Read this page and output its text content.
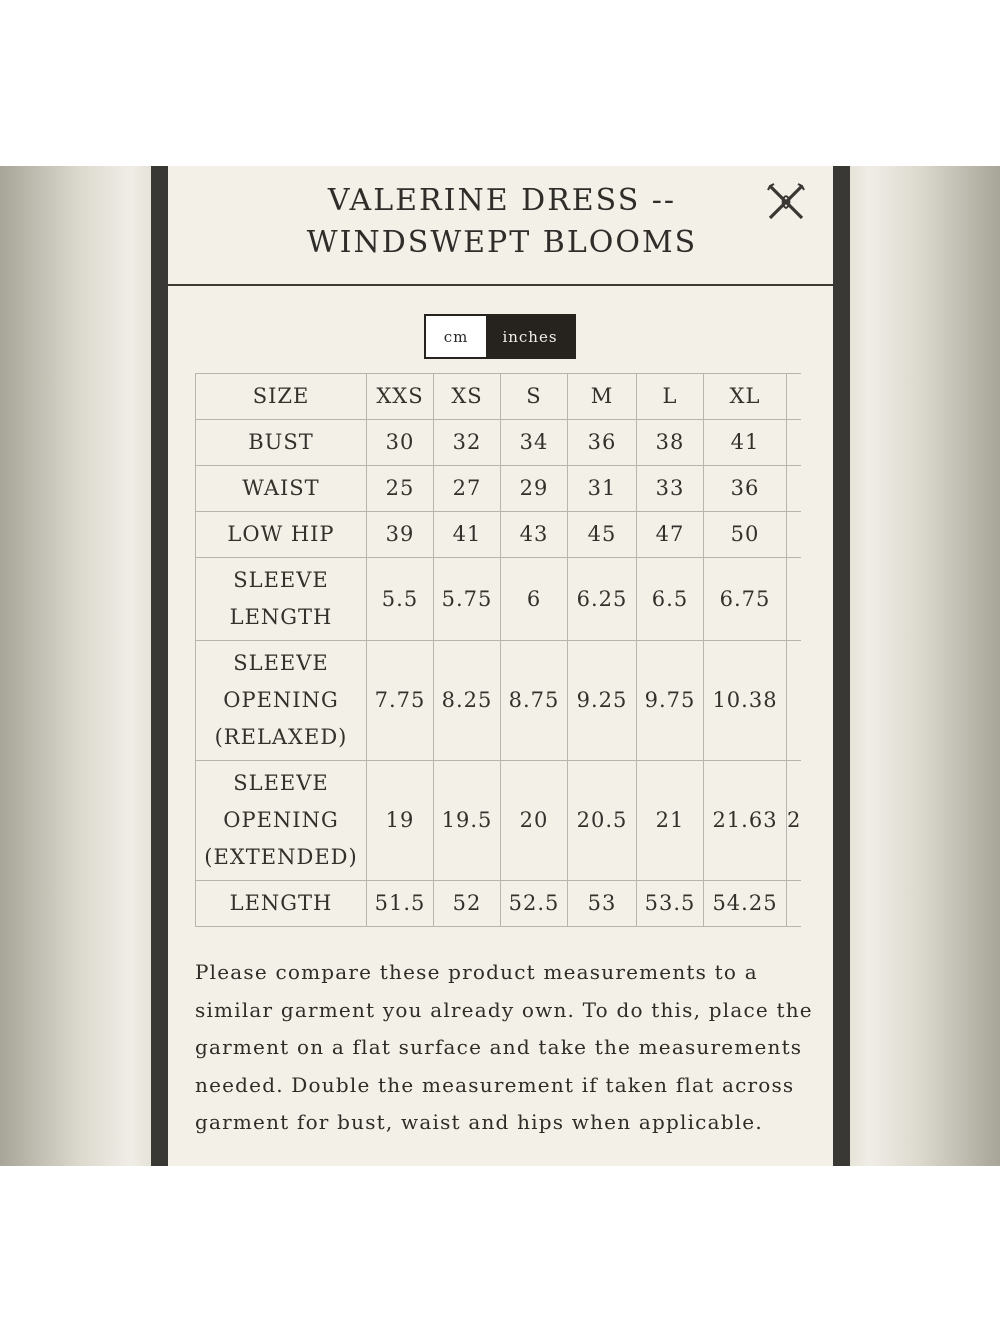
VALERINE DRESS --
WINDSWEPT BLOOMS
cm	inches
SIZE	XXS	XS	S	M	L	XL	
BUST	30	32	34	36	38	41	
WAIST	25	27	29	31	33	36	
LOW HIP	39	41	43	45	47	50	

SLEEVE
LENGTH	5.5	5.75	6	6.25	6.5	6.75	

SLEEVE
OPENING
(RELAXED)	7.75	8.25	8.75	9.25	9.75	10.38	

SLEEVE
OPENING
(EXTENDED)	19	19.5	20	20.5	21	21.63	2
LENGTH	51.5	52	52.5	53	53.5	54.25	
Please compare these product measurements to a similar garment you already own. To do this, place the garment on a flat surface and take the measurements needed. Double the measurement if taken flat across garment for bust, waist and hips when applicable.
